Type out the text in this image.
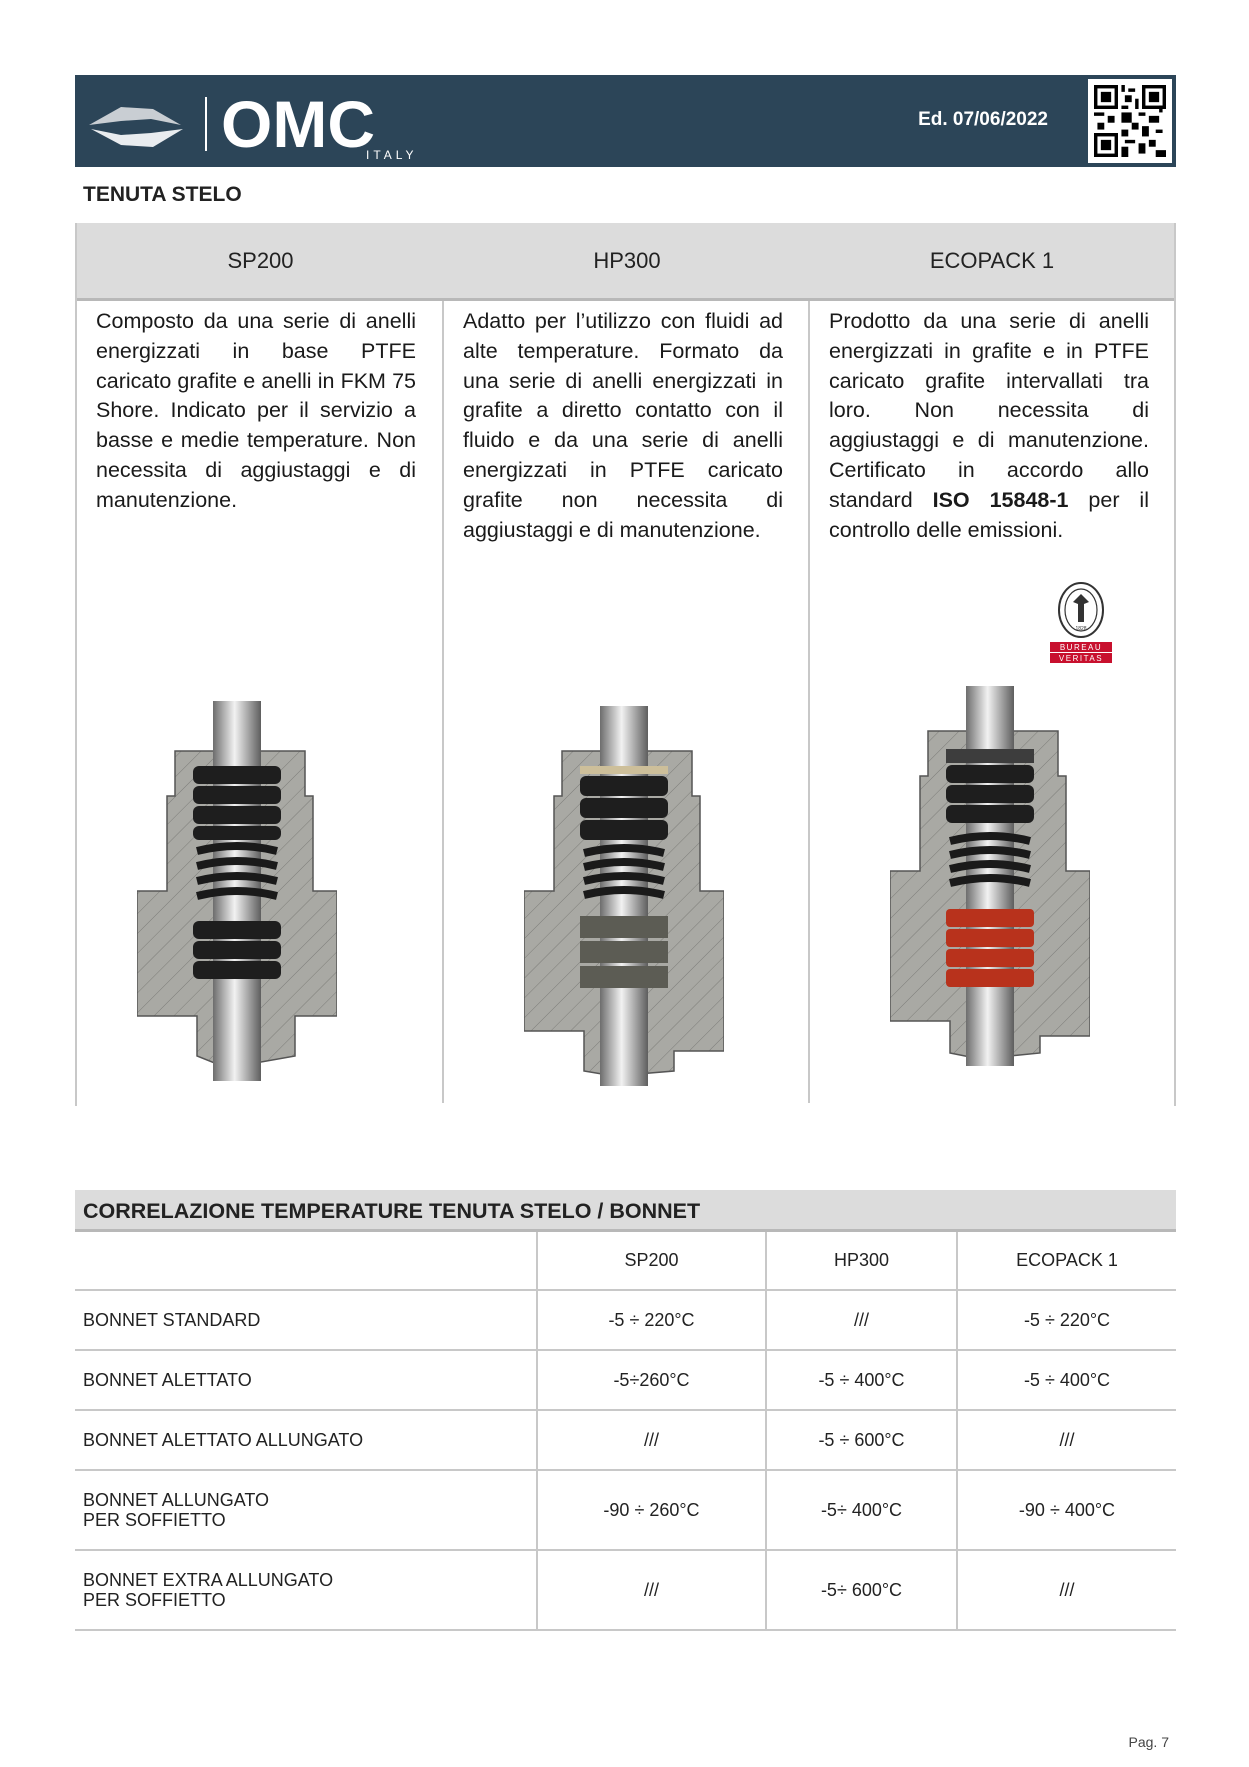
OMC
ITALY
Ed. 07/06/2022
TENUTA STELO
SP200	HP300	ECOPACK 1
Composto da una serie di anelli energizzati in base PTFE caricato grafite e anelli in FKM 75 Shore. Indicato per il servizio a basse e medie temperature. Non necessita di aggiustaggi e di manutenzione.
Adatto per l’utilizzo con fluidi ad alte temperature. Formato da una serie di anelli energizzati in grafite a diretto contatto con il fluido e da una serie di anelli energizzati in PTFE caricato grafite non necessita di aggiustaggi e di manutenzione.
Prodotto da una serie di anelli energizzati in grafite e in PTFE caricato grafite intervallati tra loro. Non necessita di aggiustaggi e di manutenzione. Certificato in accordo allo standard ISO 15848-1 per il controllo delle emissioni.
1828
BUREAU
VERITAS
CORRELAZIONE TEMPERATURE TENUTA STELO / BONNET
	SP200	HP300	ECOPACK 1
BONNET STANDARD	-5 ÷ 220°C	///	-5 ÷ 220°C
BONNET ALETTATO	-5÷260°C	-5 ÷ 400°C	-5 ÷ 400°C
BONNET ALETTATO ALLUNGATO	///	-5 ÷ 600°C	///

BONNET ALLUNGATO
PER SOFFIETTO	-90 ÷ 260°C	-5÷ 400°C	-90 ÷ 400°C

BONNET EXTRA ALLUNGATO
PER SOFFIETTO	///	-5÷ 600°C	///
Pag. 7
